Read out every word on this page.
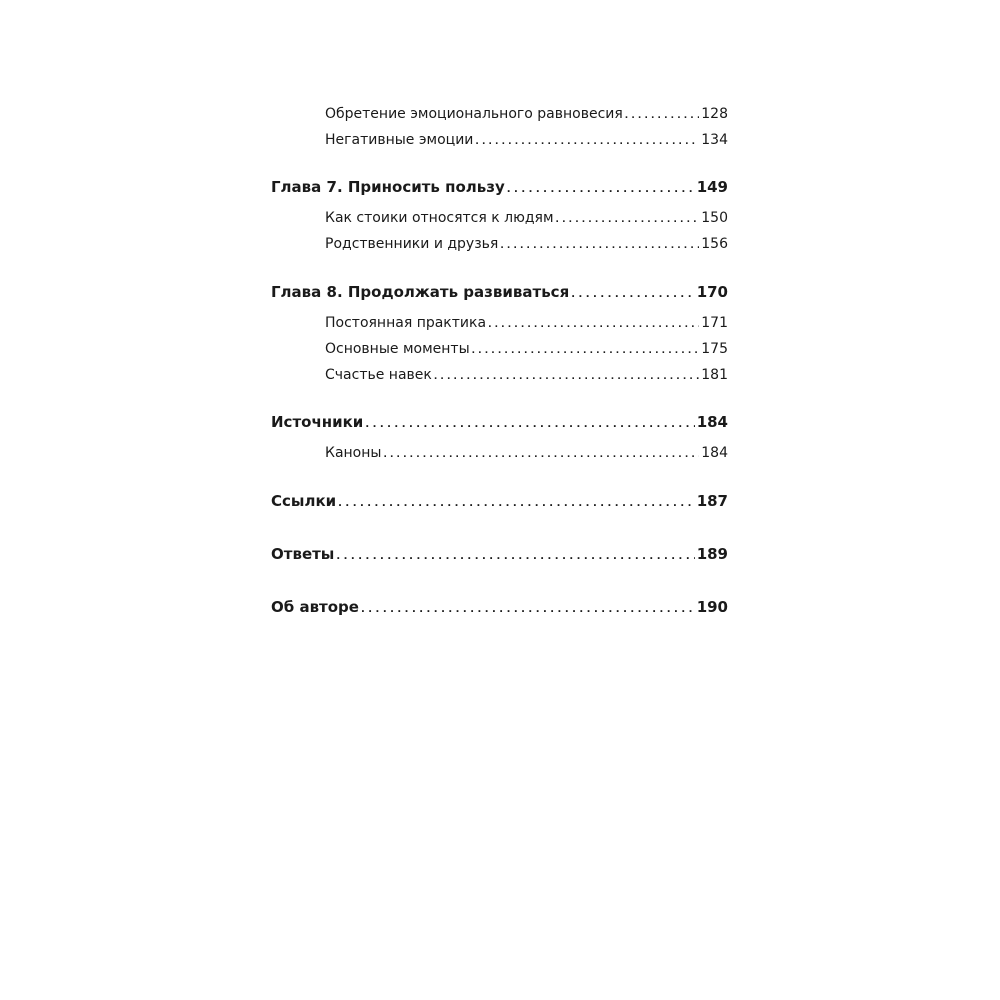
Обретение эмоционального равновесия . . .	128
Негативные эмоции . . .	134
Глава 7. Приносить пользу . . .	149
Как стоики относятся к людям . . .	150
Родственники и друзья . . .	156
Глава 8. Продолжать развиваться . . .	170
Постоянная практика . . .	171
Основные моменты . . .	175
Счастье навек . . .	181
Источники . . .	184
Каноны . . .	184
Ссылки . . .	187
Ответы . . .	189
Об авторе . . .	190
